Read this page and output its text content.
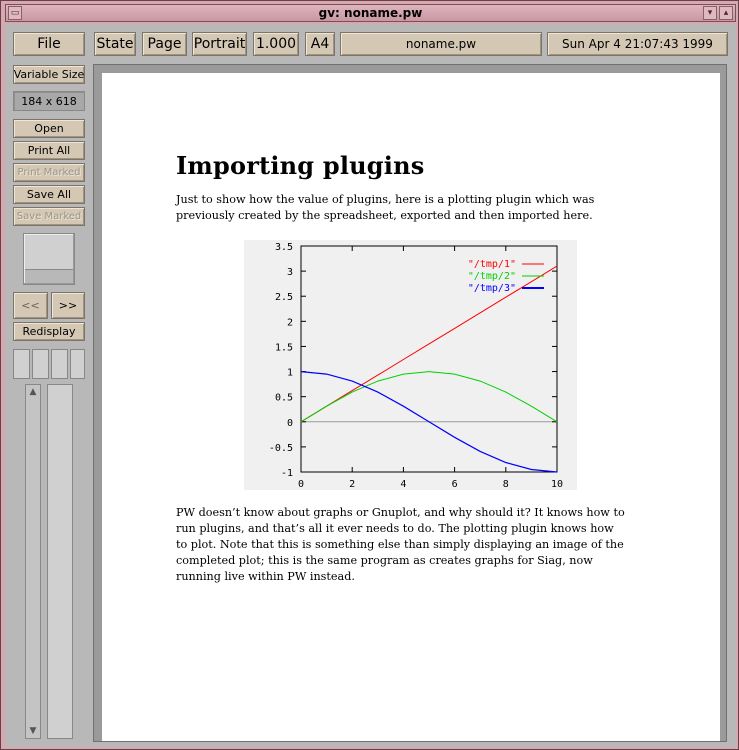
▭	gv: noname.pw	▾	▴
File	State	Page Portrait 1.000	A4	noname.pw	Sun Apr 4 21:07:43 1999
Variable Size
184 x 618
Open
Print All
Print Marked
Save All
Save Marked
<<	>>
Redisplay
▲
▼
Importing plugins
Just to show how the value of plugins, here is a plotting plugin which was
previously created by the spreadsheet, exported and then imported here.
-1
-0.5
0
0.5
1
1.5
2
2.5
3
3.5
0	2	4	6	8	10
"/tmp/1"
"/tmp/2"
"/tmp/3"
PW doesn’t know about graphs or Gnuplot, and why should it? It knows how to
run plugins, and that’s all it ever needs to do. The plotting plugin knows how
to plot. Note that this is something else than simply displaying an image of the
completed plot; this is the same program as creates graphs for Siag, now
running live within PW instead.
